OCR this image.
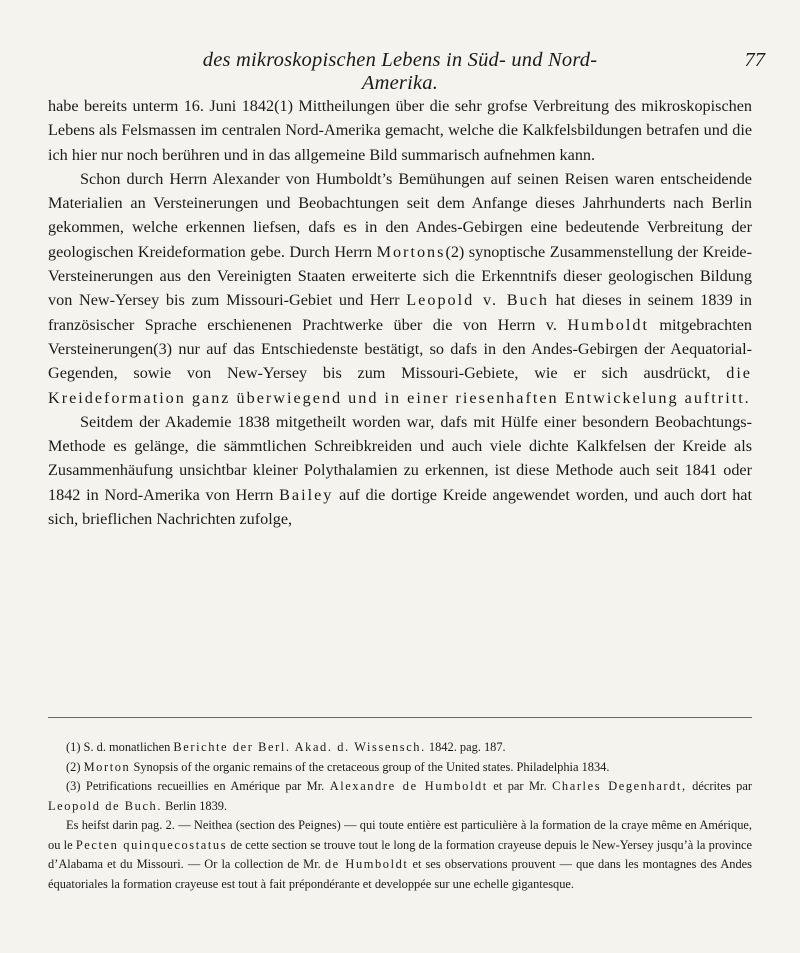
des mikroskopischen Lebens in Süd- und Nord-Amerika.
77

habe bereits unterm 16. Juni 1842(1) Mittheilungen über die sehr grofse Verbreitung des mikroskopischen Lebens als Felsmassen im centralen Nord-Amerika gemacht, welche die Kalkfelsbildungen betrafen und die ich hier nur noch berühren und in das allgemeine Bild summarisch aufnehmen kann.

Schon durch Herrn Alexander von Humboldt’s Bemühungen auf seinen Reisen waren entscheidende Materialien an Versteinerungen und Beobachtungen seit dem Anfange dieses Jahrhunderts nach Berlin gekommen, welche erkennen liefsen, dafs es in den Andes-Gebirgen eine bedeutende Verbreitung der geologischen Kreideformation gebe. Durch Herrn Mortons(2) synoptische Zusammenstellung der Kreide-Versteinerungen aus den Vereinigten Staaten erweiterte sich die Erkenntnifs dieser geologischen Bildung von New-Yersey bis zum Missouri-Gebiet und Herr Leopold v. Buch hat dieses in seinem 1839 in französischer Sprache erschienenen Prachtwerke über die von Herrn v. Humboldt mitgebrachten Versteinerungen(3) nur auf das Entschiedenste bestätigt, so dafs in den Andes-Gebirgen der Aequatorial-Gegenden, sowie von New-Yersey bis zum Missouri-Gebiete, wie er sich ausdrückt, die Kreideformation ganz überwiegend und in einer riesenhaften Entwickelung auftritt.

Seitdem der Akademie 1838 mitgetheilt worden war, dafs mit Hülfe einer besondern Beobachtungs-Methode es gelänge, die sämmtlichen Schreibkreiden und auch viele dichte Kalkfelsen der Kreide als Zusammenhäufung unsichtbar kleiner Polythalamien zu erkennen, ist diese Methode auch seit 1841 oder 1842 in Nord-Amerika von Herrn Bailey auf die dortige Kreide angewendet worden, und auch dort hat sich, brieflichen Nachrichten zufolge,

(1) S. d. monatlichen Berichte der Berl. Akad. d. Wissensch. 1842. pag. 187.

(2) Morton Synopsis of the organic remains of the cretaceous group of the United states. Philadelphia 1834.

(3) Petrifications recueillies en Amérique par Mr. Alexandre de Humboldt et par Mr. Charles Degenhardt, décrites par Leopold de Buch. Berlin 1839.

Es heifst darin pag. 2. — Neithea (section des Peignes) — qui toute entière est particulière à la formation de la craye même en Amérique, ou le Pecten quinquecostatus de cette section se trouve tout le long de la formation crayeuse depuis le New-Yersey jusqu’à la province d’Alabama et du Missouri. — Or la collection de Mr. de Humboldt et ses observations prouvent — que dans les montagnes des Andes équatoriales la formation crayeuse est tout à fait prépondérante et developpée sur une echelle gigantesque.
